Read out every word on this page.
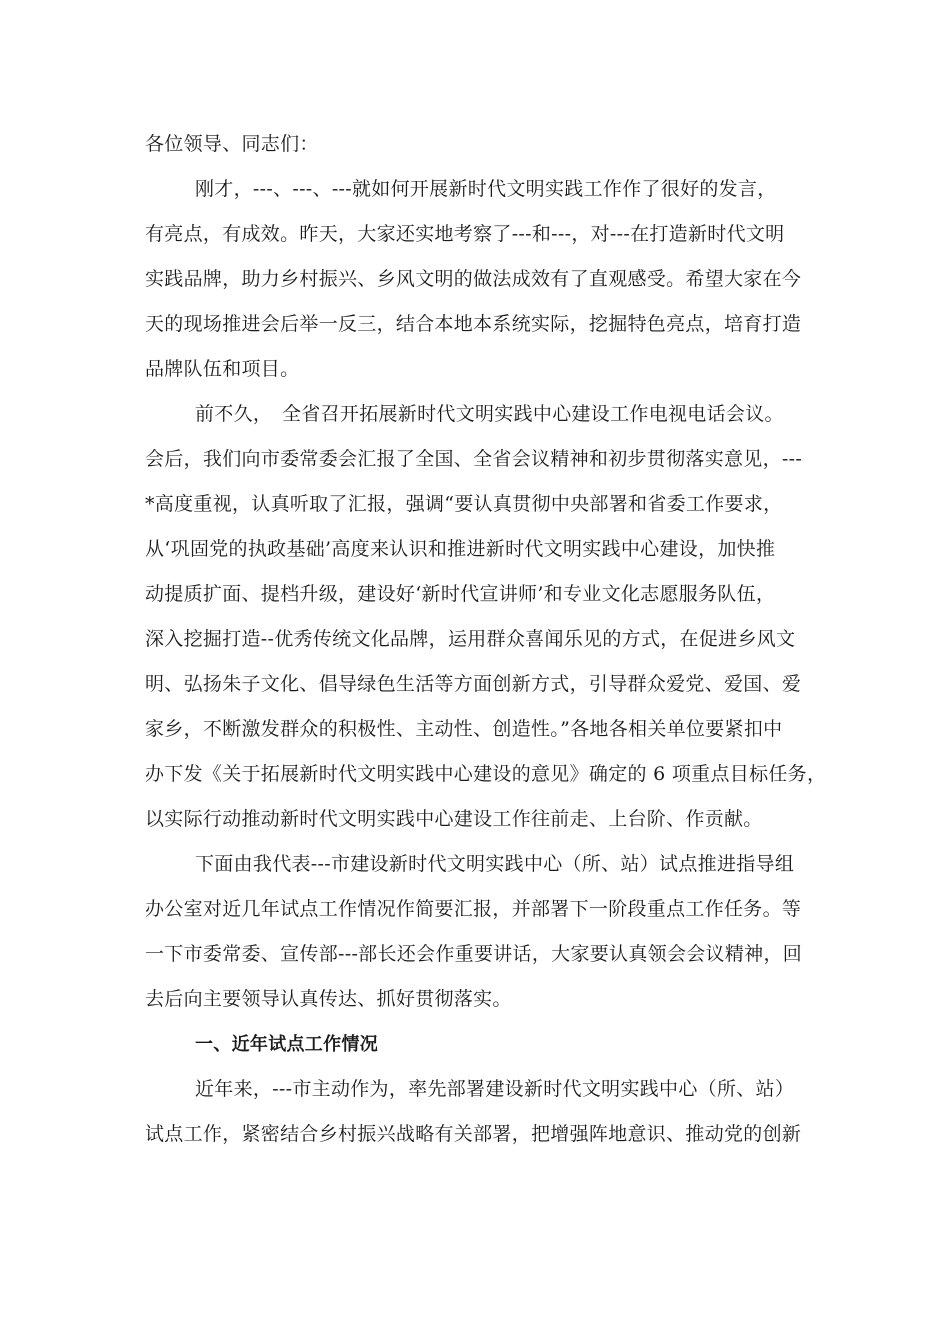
各位领导、同志们：
刚才，---、---、---就如何开展新时代文明实践工作作了很好的发言，
有亮点，有成效。昨天，大家还实地考察了---和---，对---在打造新时代文明
实践品牌，助力乡村振兴、乡风文明的做法成效有了直观感受。希望大家在今
天的现场推进会后举一反三，结合本地本系统实际，挖掘特色亮点，培育打造
品牌队伍和项目。
前不久，　全省召开拓展新时代文明实践中心建设工作电视电话会议。
会后，我们向市委常委会汇报了全国、全省会议精神和初步贯彻落实意见，---
*高度重视，认真听取了汇报，强调“要认真贯彻中央部署和省委工作要求，
从‘巩固党的执政基础’高度来认识和推进新时代文明实践中心建设，加快推
动提质扩面、提档升级，建设好‘新时代宣讲师’和专业文化志愿服务队伍，
深入挖掘打造--优秀传统文化品牌，运用群众喜闻乐见的方式，在促进乡风文
明、弘扬朱子文化、倡导绿色生活等方面创新方式，引导群众爱党、爱国、爱
家乡，不断激发群众的积极性、主动性、创造性。”各地各相关单位要紧扣中
办下发《关于拓展新时代文明实践中心建设的意见》确定的 6 项重点目标任务，
以实际行动推动新时代文明实践中心建设工作往前走、上台阶、作贡献。
下面由我代表---市建设新时代文明实践中心（所、站）试点推进指导组
办公室对近几年试点工作情况作简要汇报，并部署下一阶段重点工作任务。等
一下市委常委、宣传部---部长还会作重要讲话，大家要认真领会会议精神，回
去后向主要领导认真传达、抓好贯彻落实。
一、近年试点工作情况
近年来，---市主动作为，率先部署建设新时代文明实践中心（所、站）
试点工作，紧密结合乡村振兴战略有关部署，把增强阵地意识、推动党的创新
